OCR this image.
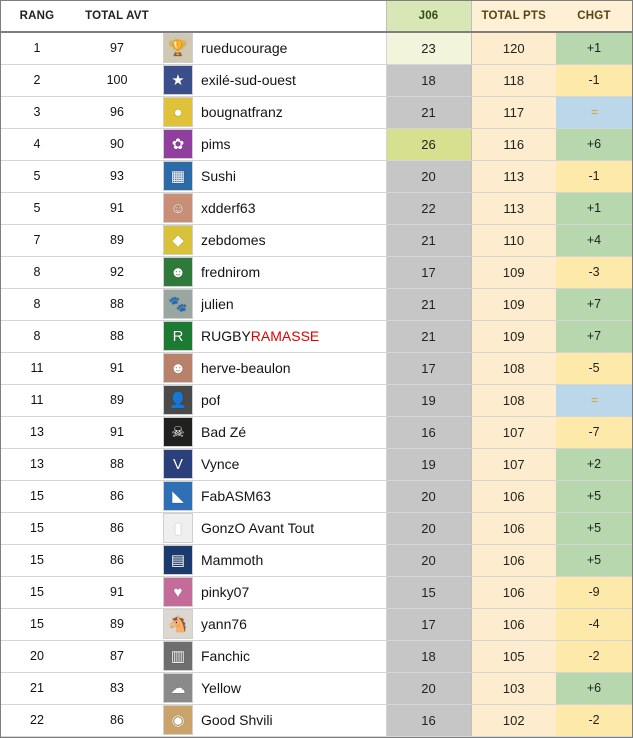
RANG	TOTAL AVT		J06	TOTAL PTS	CHGT
1	97	🏆 rueducourage	23	120	+1
2	100	★ exilé-sud-ouest	18	118	-1
3	96	● bougnatfranz	21	117	=
4	90	✿ pims	26	116	+6
5	93	▦ Sushi	20	113	-1
5	91	☺ xdderf63	22	113	+1
7	89	◆ zebdomes	21	110	+4
8	92	☻ frednirom	17	109	-3
8	88	🐾 julien	21	109	+7
8	88	R RUGBYRAMASSE	21	109	+7
11	91	☻ herve-beaulon	17	108	-5
11	89	👤 pof	19	108	=
13	91	☠ Bad Zé	16	107	-7
13	88	V Vynce	19	107	+2
15	86	◣ FabASM63	20	106	+5
15	86	▮ GonzO Avant Tout	20	106	+5
15	86	▤ Mammoth	20	106	+5
15	91	♥ pinky07	15	106	-9
15	89	🐴 yann76	17	106	-4
20	87	▥ Fanchic	18	105	-2
21	83	☁ Yellow	20	103	+6
22	86	◉ Good Shvili	16	102	-2
